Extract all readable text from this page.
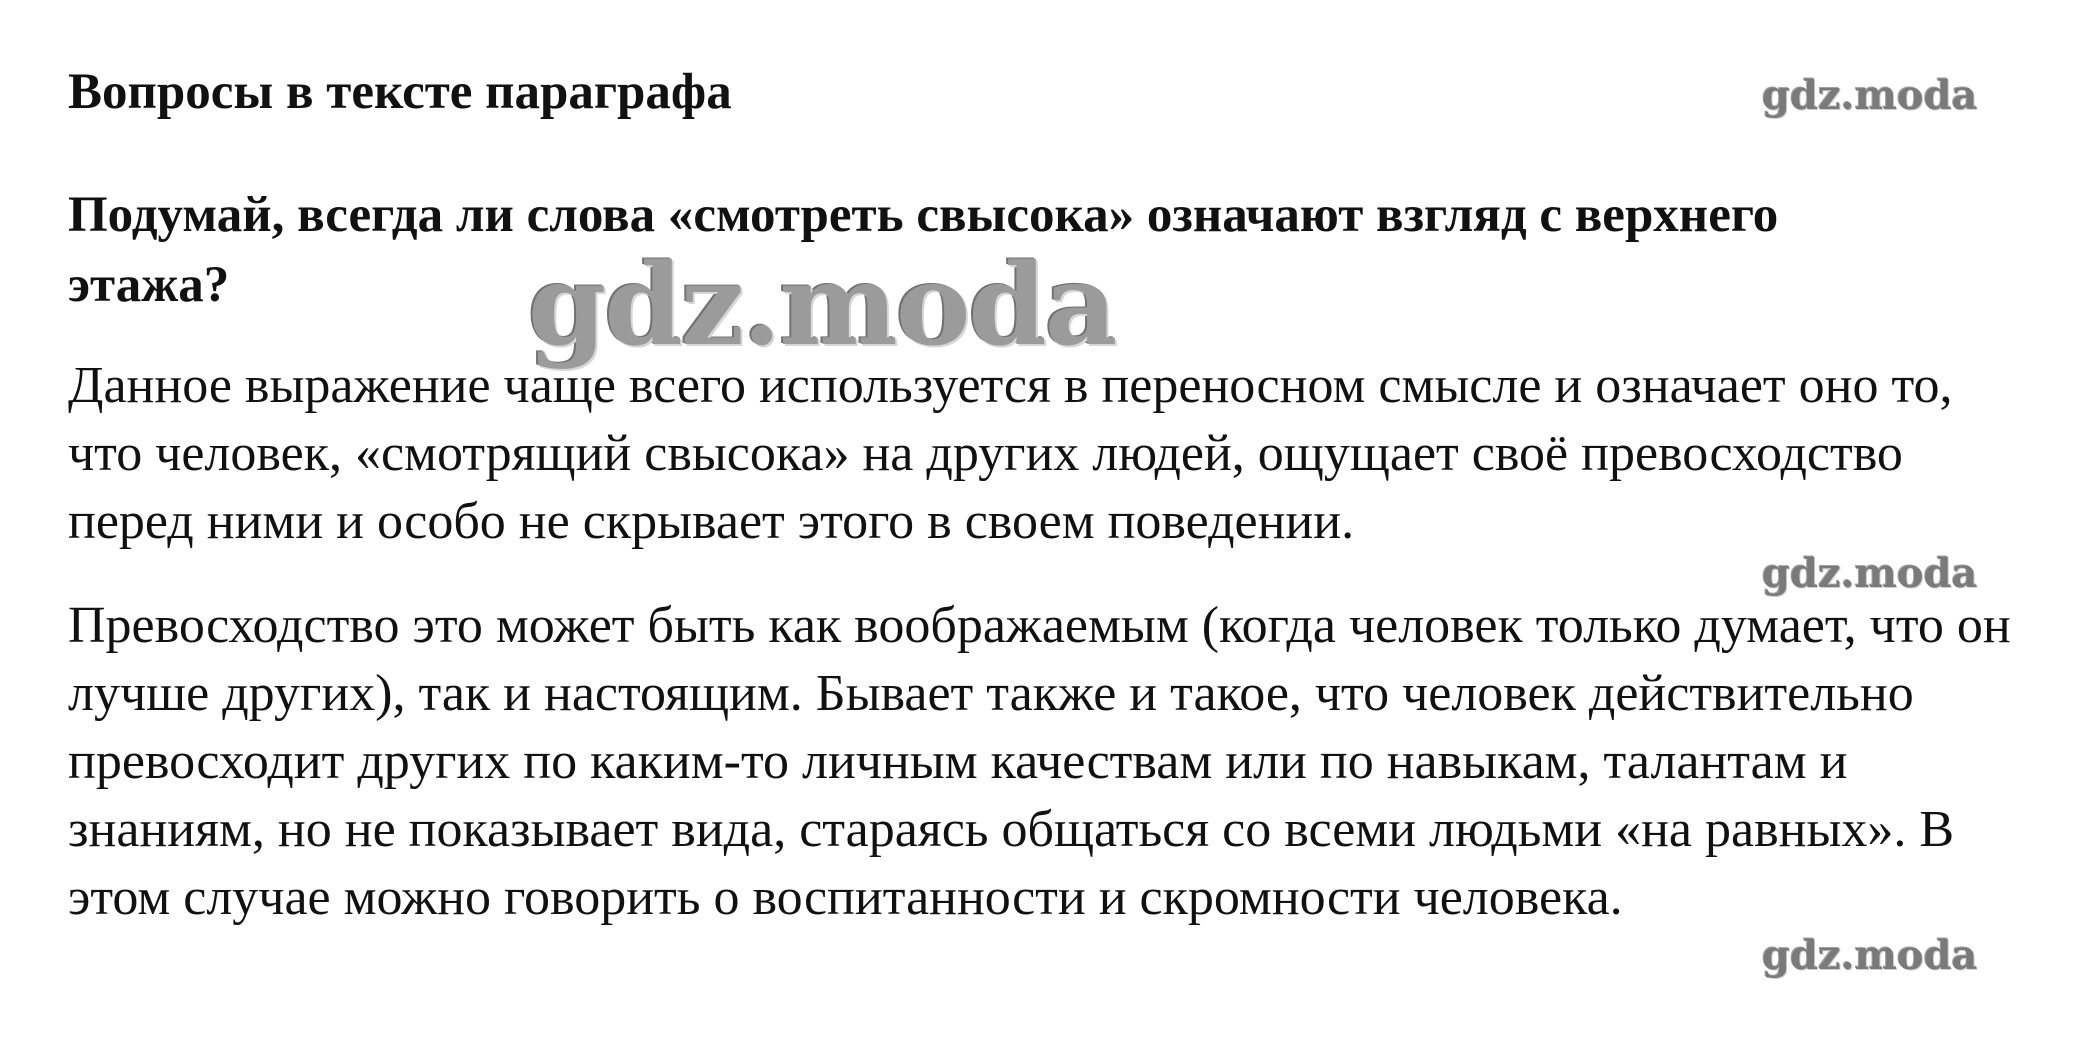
Вопросы в тексте параграфа	gdz.moda

Подумай, всегда ли слова «смотреть свысока» означают взгляд с верхнего этажа?	gdz.moda

Данное выражение чаще всего используется в переносном смысле и означает оно то, что человек, «смотрящий свысока» на других людей, ощущает своё превосходство перед ними и особо не скрывает этого в своем поведении.

gdz.moda

Превосходство это может быть как воображаемым (когда человек только думает, что он лучше других), так и настоящим. Бывает также и такое, что человек действительно превосходит других по каким-то личным качествам или по навыкам, талантам и знаниям, но не показывает вида, стараясь общаться со всеми людьми «на равных». В этом случае можно говорить о воспитанности и скромности человека.

gdz.moda
